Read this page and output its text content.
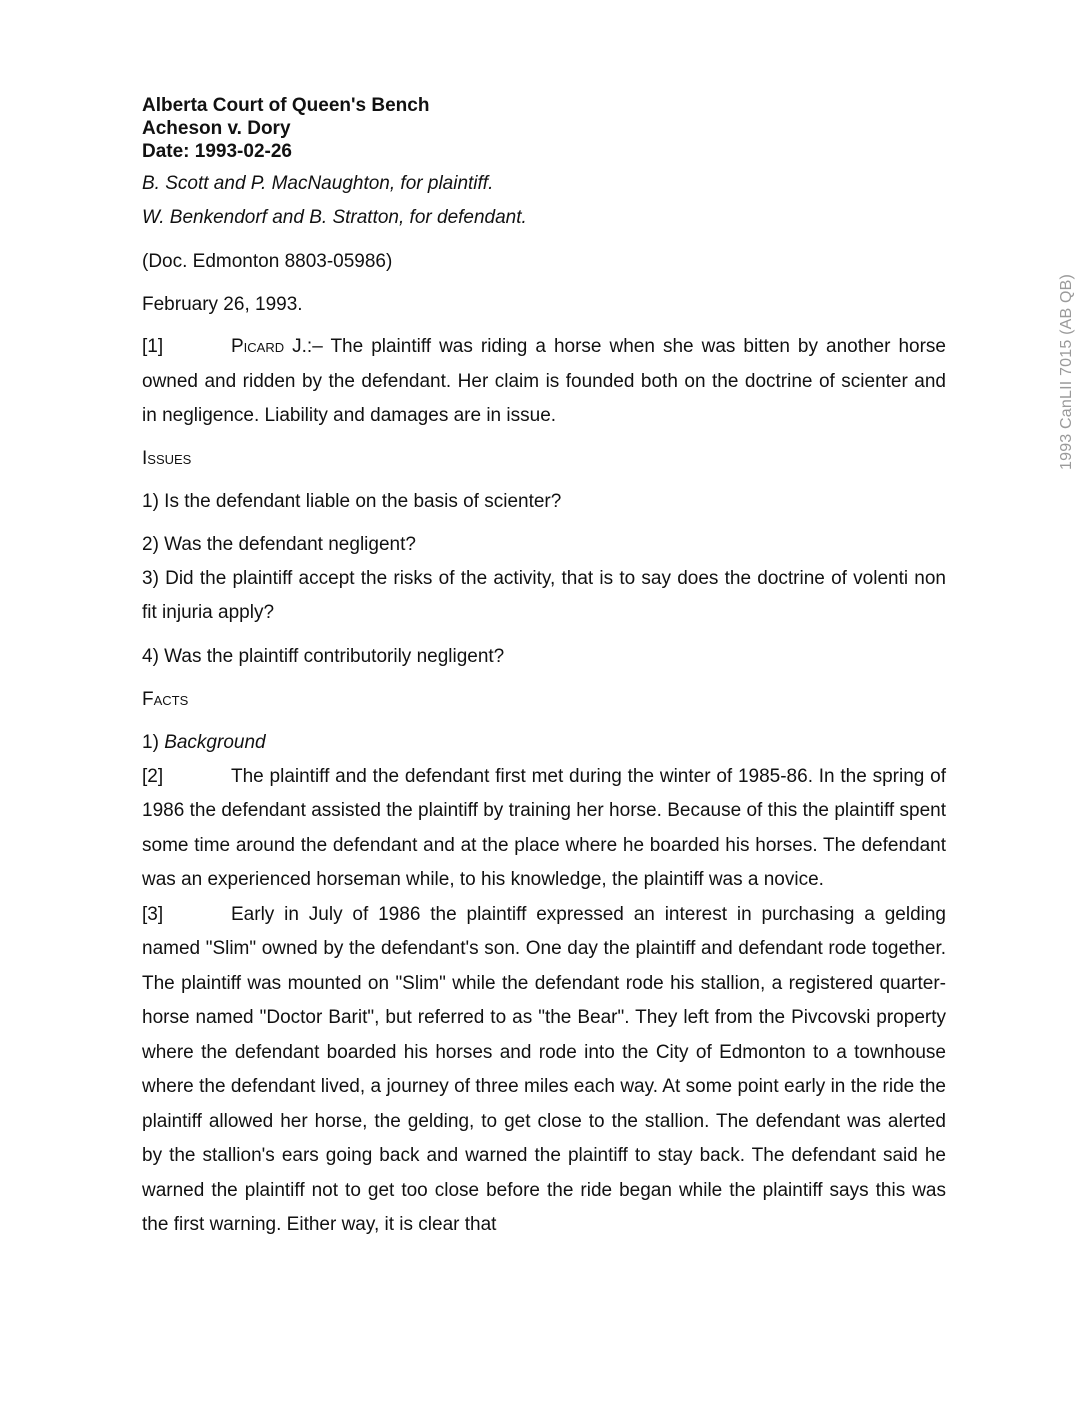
Alberta Court of Queen's Bench

Acheson v. Dory

Date: 1993-02-26

B. Scott and P. MacNaughton, for plaintiff.

W. Benkendorf and B. Stratton, for defendant.

(Doc. Edmonton 8803-05986)

February 26, 1993.

[1]	Picard J.:– The plaintiff was riding a horse when she was bitten by another horse owned and ridden by the defendant. Her claim is founded both on the doctrine of scienter and in negligence. Liability and damages are in issue.

Issues

1) Is the defendant liable on the basis of scienter?

2) Was the defendant negligent?

3) Did the plaintiff accept the risks of the activity, that is to say does the doctrine of volenti non fit injuria apply?

4) Was the plaintiff contributorily negligent?

Facts

1) Background

[2]	The plaintiff and the defendant first met during the winter of 1985-86. In the spring of 1986 the defendant assisted the plaintiff by training her horse. Because of this the plaintiff spent some time around the defendant and at the place where he boarded his horses. The defendant was an experienced horseman while, to his knowledge, the plaintiff was a novice.

[3]	Early in July of 1986 the plaintiff expressed an interest in purchasing a gelding named "Slim" owned by the defendant's son. One day the plaintiff and defendant rode together. The plaintiff was mounted on "Slim" while the defendant rode his stallion, a registered quarter-horse named "Doctor Barit", but referred to as "the Bear". They left from the Pivcovski property where the defendant boarded his horses and rode into the City of Edmonton to a townhouse where the defendant lived, a journey of three miles each way. At some point early in the ride the plaintiff allowed her horse, the gelding, to get close to the stallion. The defendant was alerted by the stallion's ears going back and warned the plaintiff to stay back. The defendant said he warned the plaintiff not to get too close before the ride began while the plaintiff says this was the first warning. Either way, it is clear that

1993 CanLII 7015 (AB QB)
